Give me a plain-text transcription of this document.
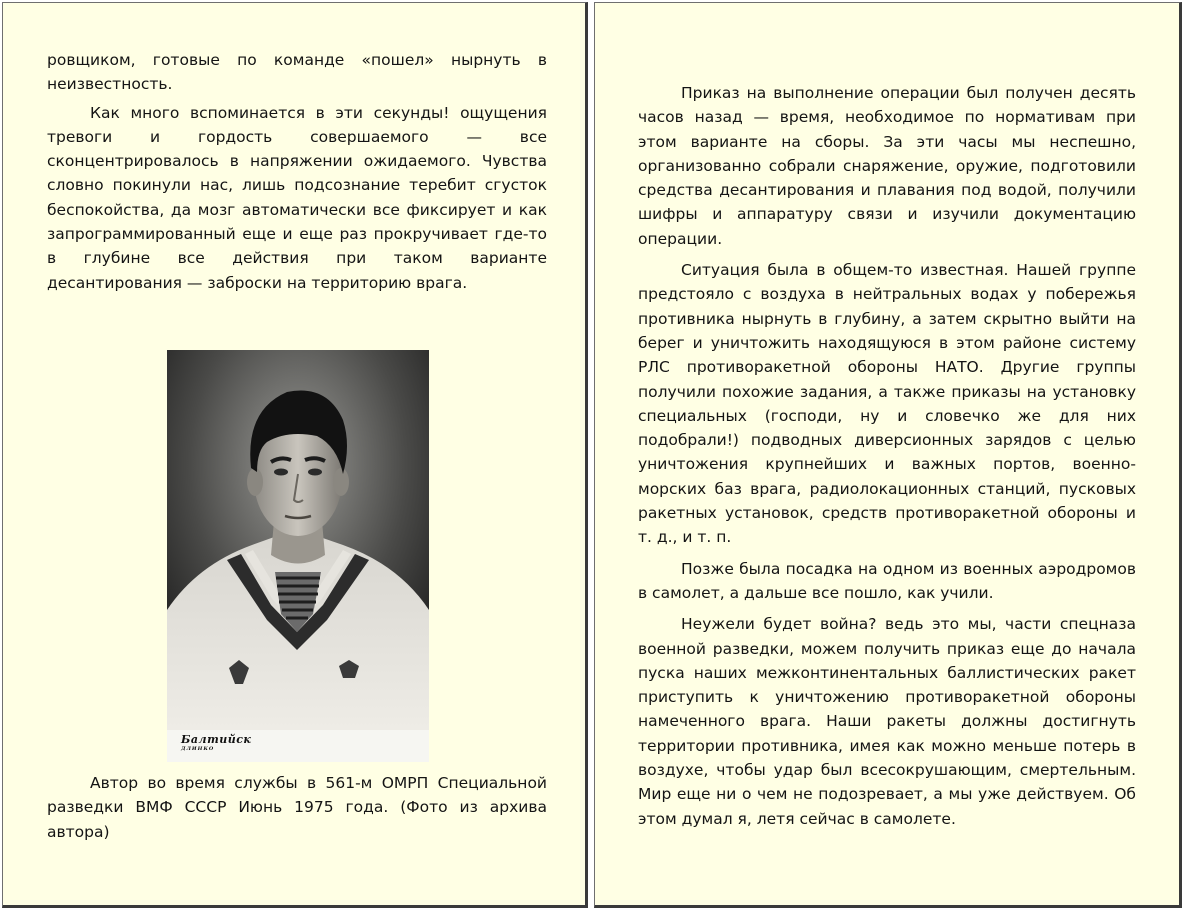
ровщиком, готовые по команде «пошел» нырнуть в неизвестность.

Как много вспоминается в эти секунды! ощущения тревоги и гордость совершаемого — все сконцентрировалось в напряжении ожидаемого. Чувства словно покинули нас, лишь подсознание теребит сгусток беспокойства, да мозг автоматически все фиксирует и как запрограммированный еще и еще раз прокручивает где-то в глубине все действия при таком варианте десантирования — заброски на территорию врага.

Балтийск
ДЛИНКО
Автор во время службы в 561-м ОМРП Специальной разведки ВМФ СССР Июнь 1975 года. (Фото из архива автора)

Приказ на выполнение операции был получен десять часов назад — время, необходимое по нормативам при этом варианте на сборы. За эти часы мы неспешно, организованно собрали снаряжение, оружие, подготовили средства десантирования и плавания под водой, получили шифры и аппаратуру связи и изучили документацию операции.

Ситуация была в общем-то известная. Нашей группе предстояло с воздуха в нейтральных водах у побережья противника нырнуть в глубину, а затем скрытно выйти на берег и уничтожить находящуюся в этом районе систему РЛС противоракетной обороны НАТО. Другие группы получили похожие задания, а также приказы на установку специальных (господи, ну и словечко же для них подобрали!) подводных диверсионных зарядов с целью уничтожения крупнейших и важных портов, военно-морских баз врага, радиолокационных станций, пусковых ракетных установок, средств противоракетной обороны и т. д., и т. п.

Позже была посадка на одном из военных аэродромов в самолет, а дальше все пошло, как учили.

Неужели будет война? ведь это мы, части спецназа военной разведки, можем получить приказ еще до начала пуска наших межконтинентальных баллистических ракет приступить к уничтожению противоракетной обороны намеченного врага. Наши ракеты должны достигнуть территории противника, имея как можно меньше потерь в воздухе, чтобы удар был всесокрушающим, смертельным. Мир еще ни о чем не подозревает, а мы уже действуем. Об этом думал я, летя сейчас в самолете.
